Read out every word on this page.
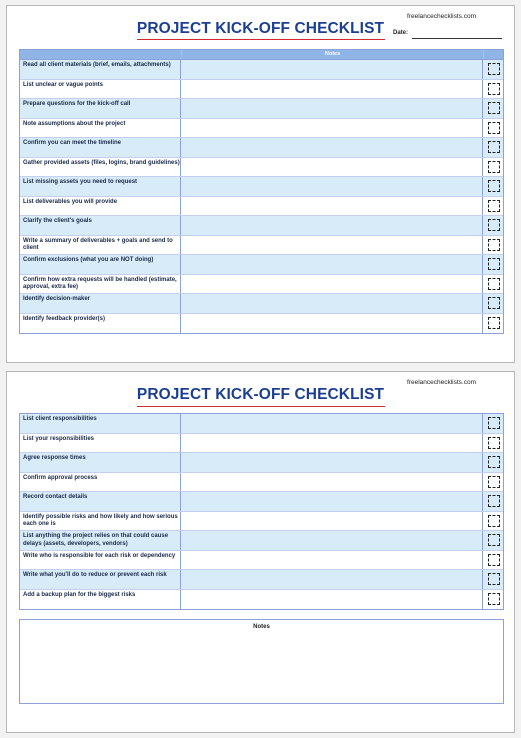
freelancechecklists.com
PROJECT KICK-OFF CHECKLIST	Date:
Notes
Read all client materials (brief, emails, attachments)
List unclear or vague points
Prepare questions for the kick-off call
Note assumptions about the project
Confirm you can meet the timeline
Gather provided assets (files, logins, brand guidelines)
List missing assets you need to request
List deliverables you will provide
Clarify the client's goals
Write a summary of deliverables + goals and send to client
Confirm exclusions (what you are NOT doing)
Confirm how extra requests will be handled (estimate, approval, extra fee)
Identify decision-maker
Identify feedback provider(s)
freelancechecklists.com
PROJECT KICK-OFF CHECKLIST
List client responsibilities
List your responsibilities
Agree response times
Confirm approval process
Record contact details
Identify possible risks and how likely and how serious each one is
List anything the project relies on that could cause delays (assets, developers, vendors)
Write who is responsible for each risk or dependency
Write what you'll do to reduce or prevent each risk
Add a backup plan for the biggest risks
Notes
